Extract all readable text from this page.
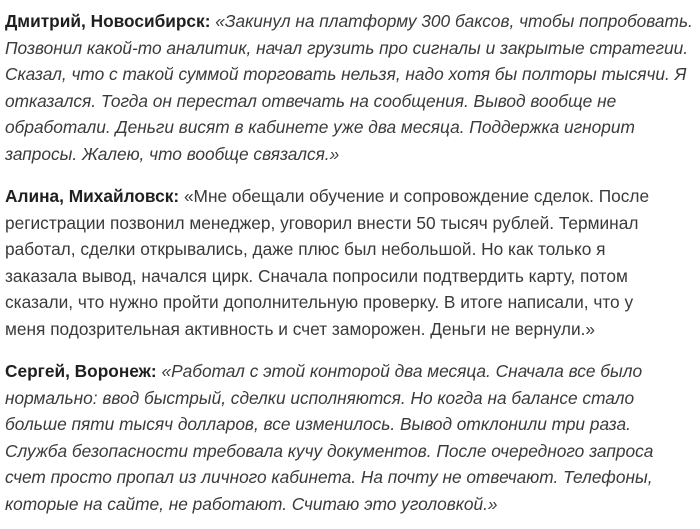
Дмитрий, Новосибирск: «Закинул на платформу 300 баксов, чтобы попробовать.
Позвонил какой-то аналитик, начал грузить про сигналы и закрытые стратегии.
Сказал, что с такой суммой торговать нельзя, надо хотя бы полторы тысячи. Я
отказался. Тогда он перестал отвечать на сообщения. Вывод вообще не
обработали. Деньги висят в кабинете уже два месяца. Поддержка игнорит
запросы. Жалею, что вообще связался.»
Алина, Михайловск: «Мне обещали обучение и сопровождение сделок. После
регистрации позвонил менеджер, уговорил внести 50 тысяч рублей. Терминал
работал, сделки открывались, даже плюс был небольшой. Но как только я
заказала вывод, начался цирк. Сначала попросили подтвердить карту, потом
сказали, что нужно пройти дополнительную проверку. В итоге написали, что у
меня подозрительная активность и счет заморожен. Деньги не вернули.»
Сергей, Воронеж: «Работал с этой конторой два месяца. Сначала все было
нормально: ввод быстрый, сделки исполняются. Но когда на балансе стало
больше пяти тысяч долларов, все изменилось. Вывод отклонили три раза.
Служба безопасности требовала кучу документов. После очередного запроса
счет просто пропал из личного кабинета. На почту не отвечают. Телефоны,
которые на сайте, не работают. Считаю это уголовкой.»
